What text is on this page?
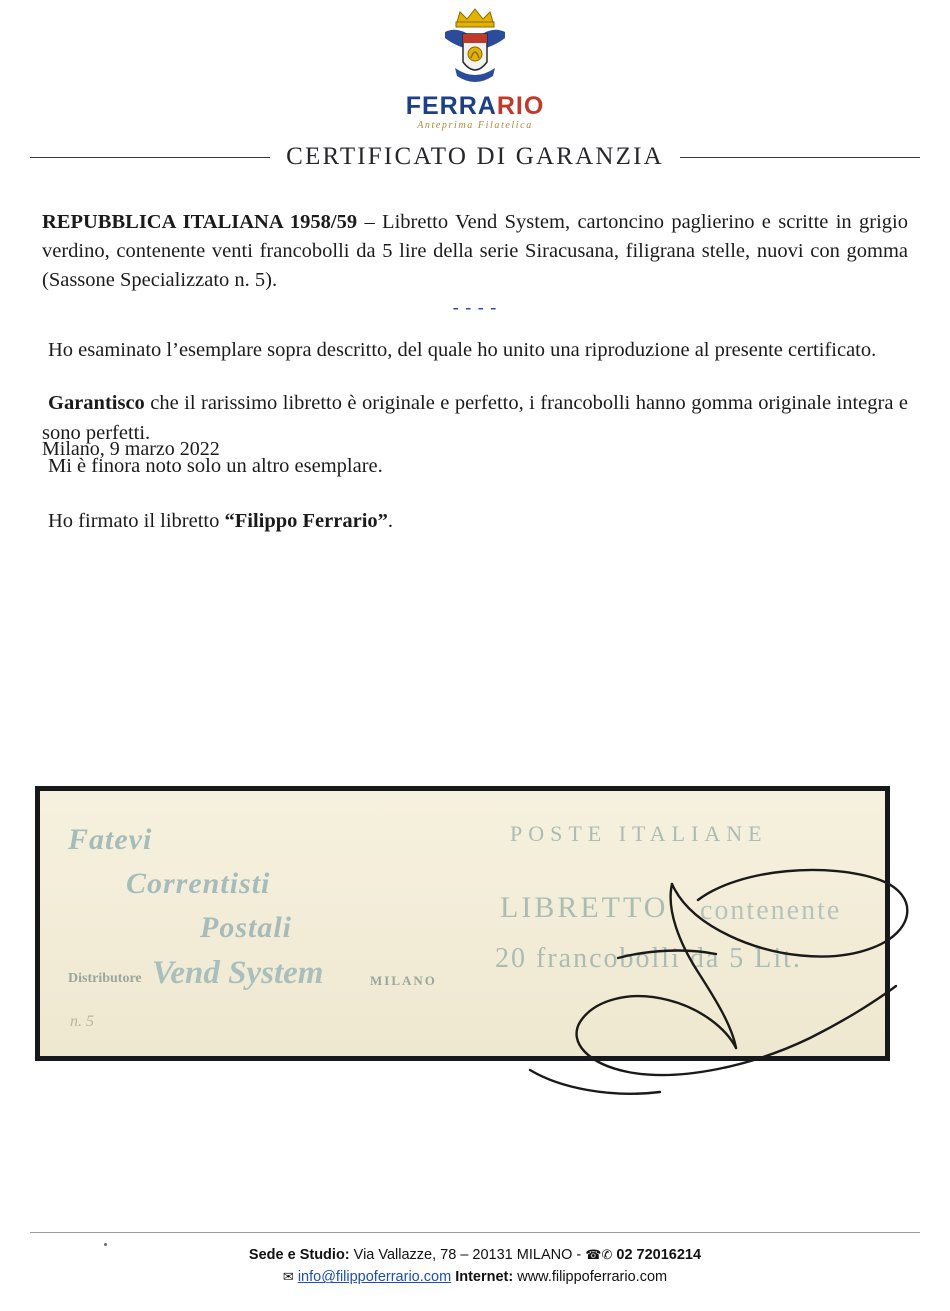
FERRARIO
Anteprima Filatelica
CERTIFICATO DI GARANZIA

REPUBBLICA ITALIANA 1958/59 – Libretto Vend System, cartoncino paglierino e scritte in grigio verdino, contenente venti francobolli da 5 lire della serie Siracusana, filigrana stelle, nuovi con gomma (Sassone Specializzato n. 5).

- - - -

Ho esaminato l’esemplare sopra descritto, del quale ho unito una riproduzione al presente certificato.

Garantisco che il rarissimo libretto è originale e perfetto, i francobolli hanno gomma originale integra e sono perfetti.

Mi è finora noto solo un altro esemplare.

Ho firmato il libretto “Filippo Ferrario”.

Milano, 9 marzo 2022
Fatevi
Correntisti
Postali
Distributore Vend System	MILANO
POSTE ITALIANE
LIBRETTO contenente
20 francobolli da 5 Lit.
n. 5
Sede e Studio: Via Vallazze, 78 – 20131 MILANO - ☎✆ 02 72016214
✉ info@filippoferrario.com Internet: www.filippoferrario.com
